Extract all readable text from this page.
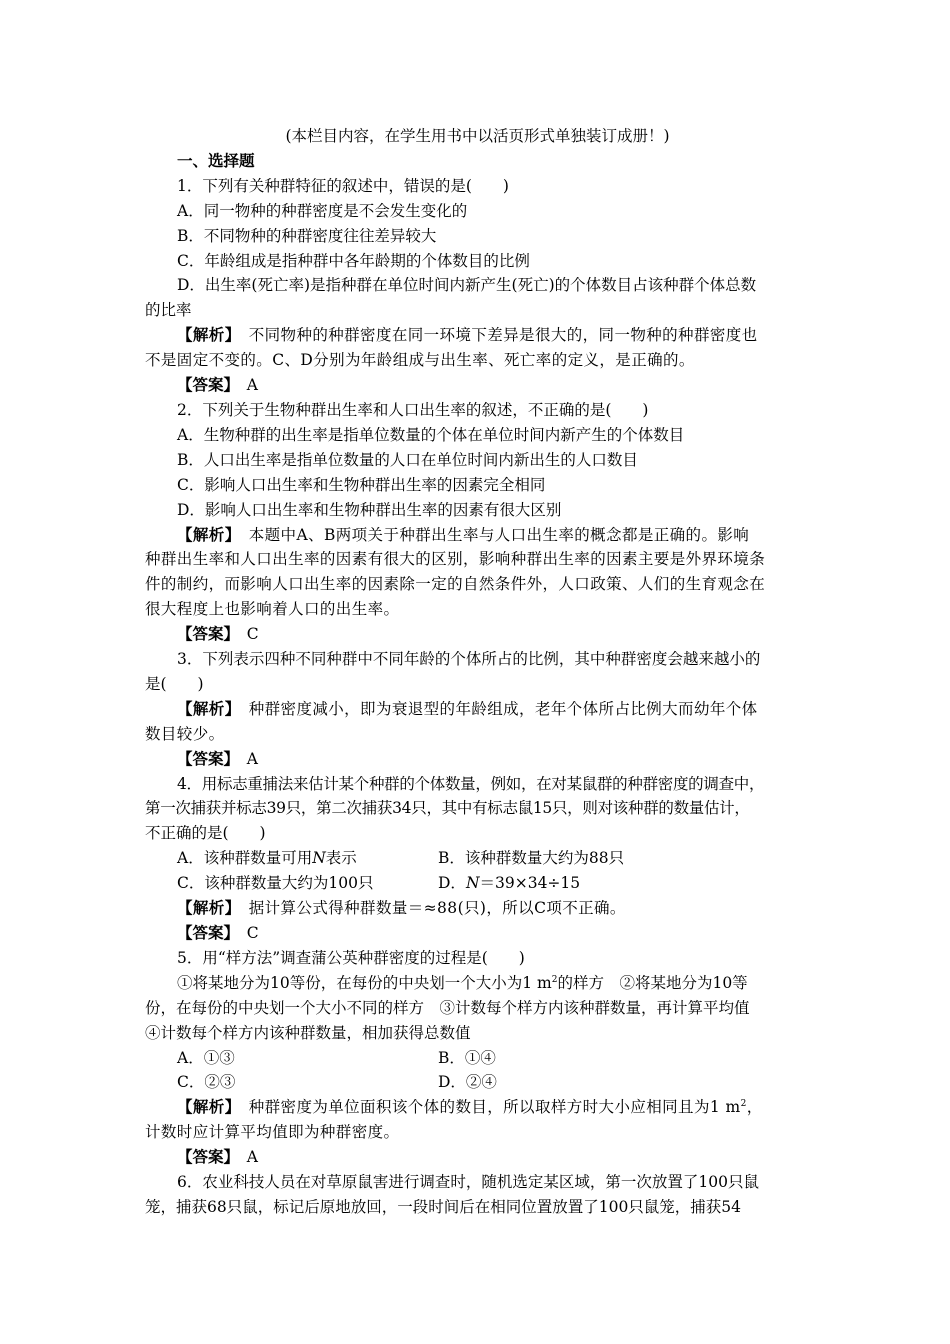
(本栏目内容，在学生用书中以活页形式单独装订成册！)
一、选择题
1．下列有关种群特征的叙述中，错误的是(　　)
A．同一物种的种群密度是不会发生变化的
B．不同物种的种群密度往往差异较大
C．年龄组成是指种群中各年龄期的个体数目的比例
D．出生率(死亡率)是指种群在单位时间内新产生(死亡)的个体数目占该种群个体总数
的比率
【解析】　不同物种的种群密度在同一环境下差异是很大的，同一物种的种群密度也
不是固定不变的。C、D分别为年龄组成与出生率、死亡率的定义，是正确的。
【答案】　A
2．下列关于生物种群出生率和人口出生率的叙述，不正确的是(　　)
A．生物种群的出生率是指单位数量的个体在单位时间内新产生的个体数目
B．人口出生率是指单位数量的人口在单位时间内新出生的人口数目
C．影响人口出生率和生物种群出生率的因素完全相同
D．影响人口出生率和生物种群出生率的因素有很大区别
【解析】　本题中A、B两项关于种群出生率与人口出生率的概念都是正确的。影响
种群出生率和人口出生率的因素有很大的区别，影响种群出生率的因素主要是外界环境条
件的制约，而影响人口出生率的因素除一定的自然条件外，人口政策、人们的生育观念在
很大程度上也影响着人口的出生率。
【答案】　C
3．下列表示四种不同种群中不同年龄的个体所占的比例，其中种群密度会越来越小的
是(　　)
【解析】　种群密度减小，即为衰退型的年龄组成，老年个体所占比例大而幼年个体
数目较少。
【答案】　A
4．用标志重捕法来估计某个种群的个体数量，例如，在对某鼠群的种群密度的调查中，
第一次捕获并标志39只，第二次捕获34只，其中有标志鼠15只，则对该种群的数量估计，
不正确的是(　　)
A．该种群数量可用N表示	B．该种群数量大约为88只
C．该种群数量大约为100只	D．N＝39×34÷15
【解析】　据计算公式得种群数量＝≈88(只)，所以C项不正确。
【答案】　C
5．用“样方法”调查蒲公英种群密度的过程是(　　)
①将某地分为10等份，在每份的中央划一个大小为1 $m^2$的样方　②将某地分为10等
份，在每份的中央划一个大小不同的样方　③计数每个样方内该种群数量，再计算平均值
④计数每个样方内该种群数量，相加获得总数值
A．①③	B．①④
C．②③	D．②④
【解析】　种群密度为单位面积该个体的数目，所以取样方时大小应相同且为1 $m^2$，
计数时应计算平均值即为种群密度。
【答案】　A
6．农业科技人员在对草原鼠害进行调查时，随机选定某区域，第一次放置了100只鼠
笼，捕获68只鼠，标记后原地放回，一段时间后在相同位置放置了100只鼠笼，捕获54
